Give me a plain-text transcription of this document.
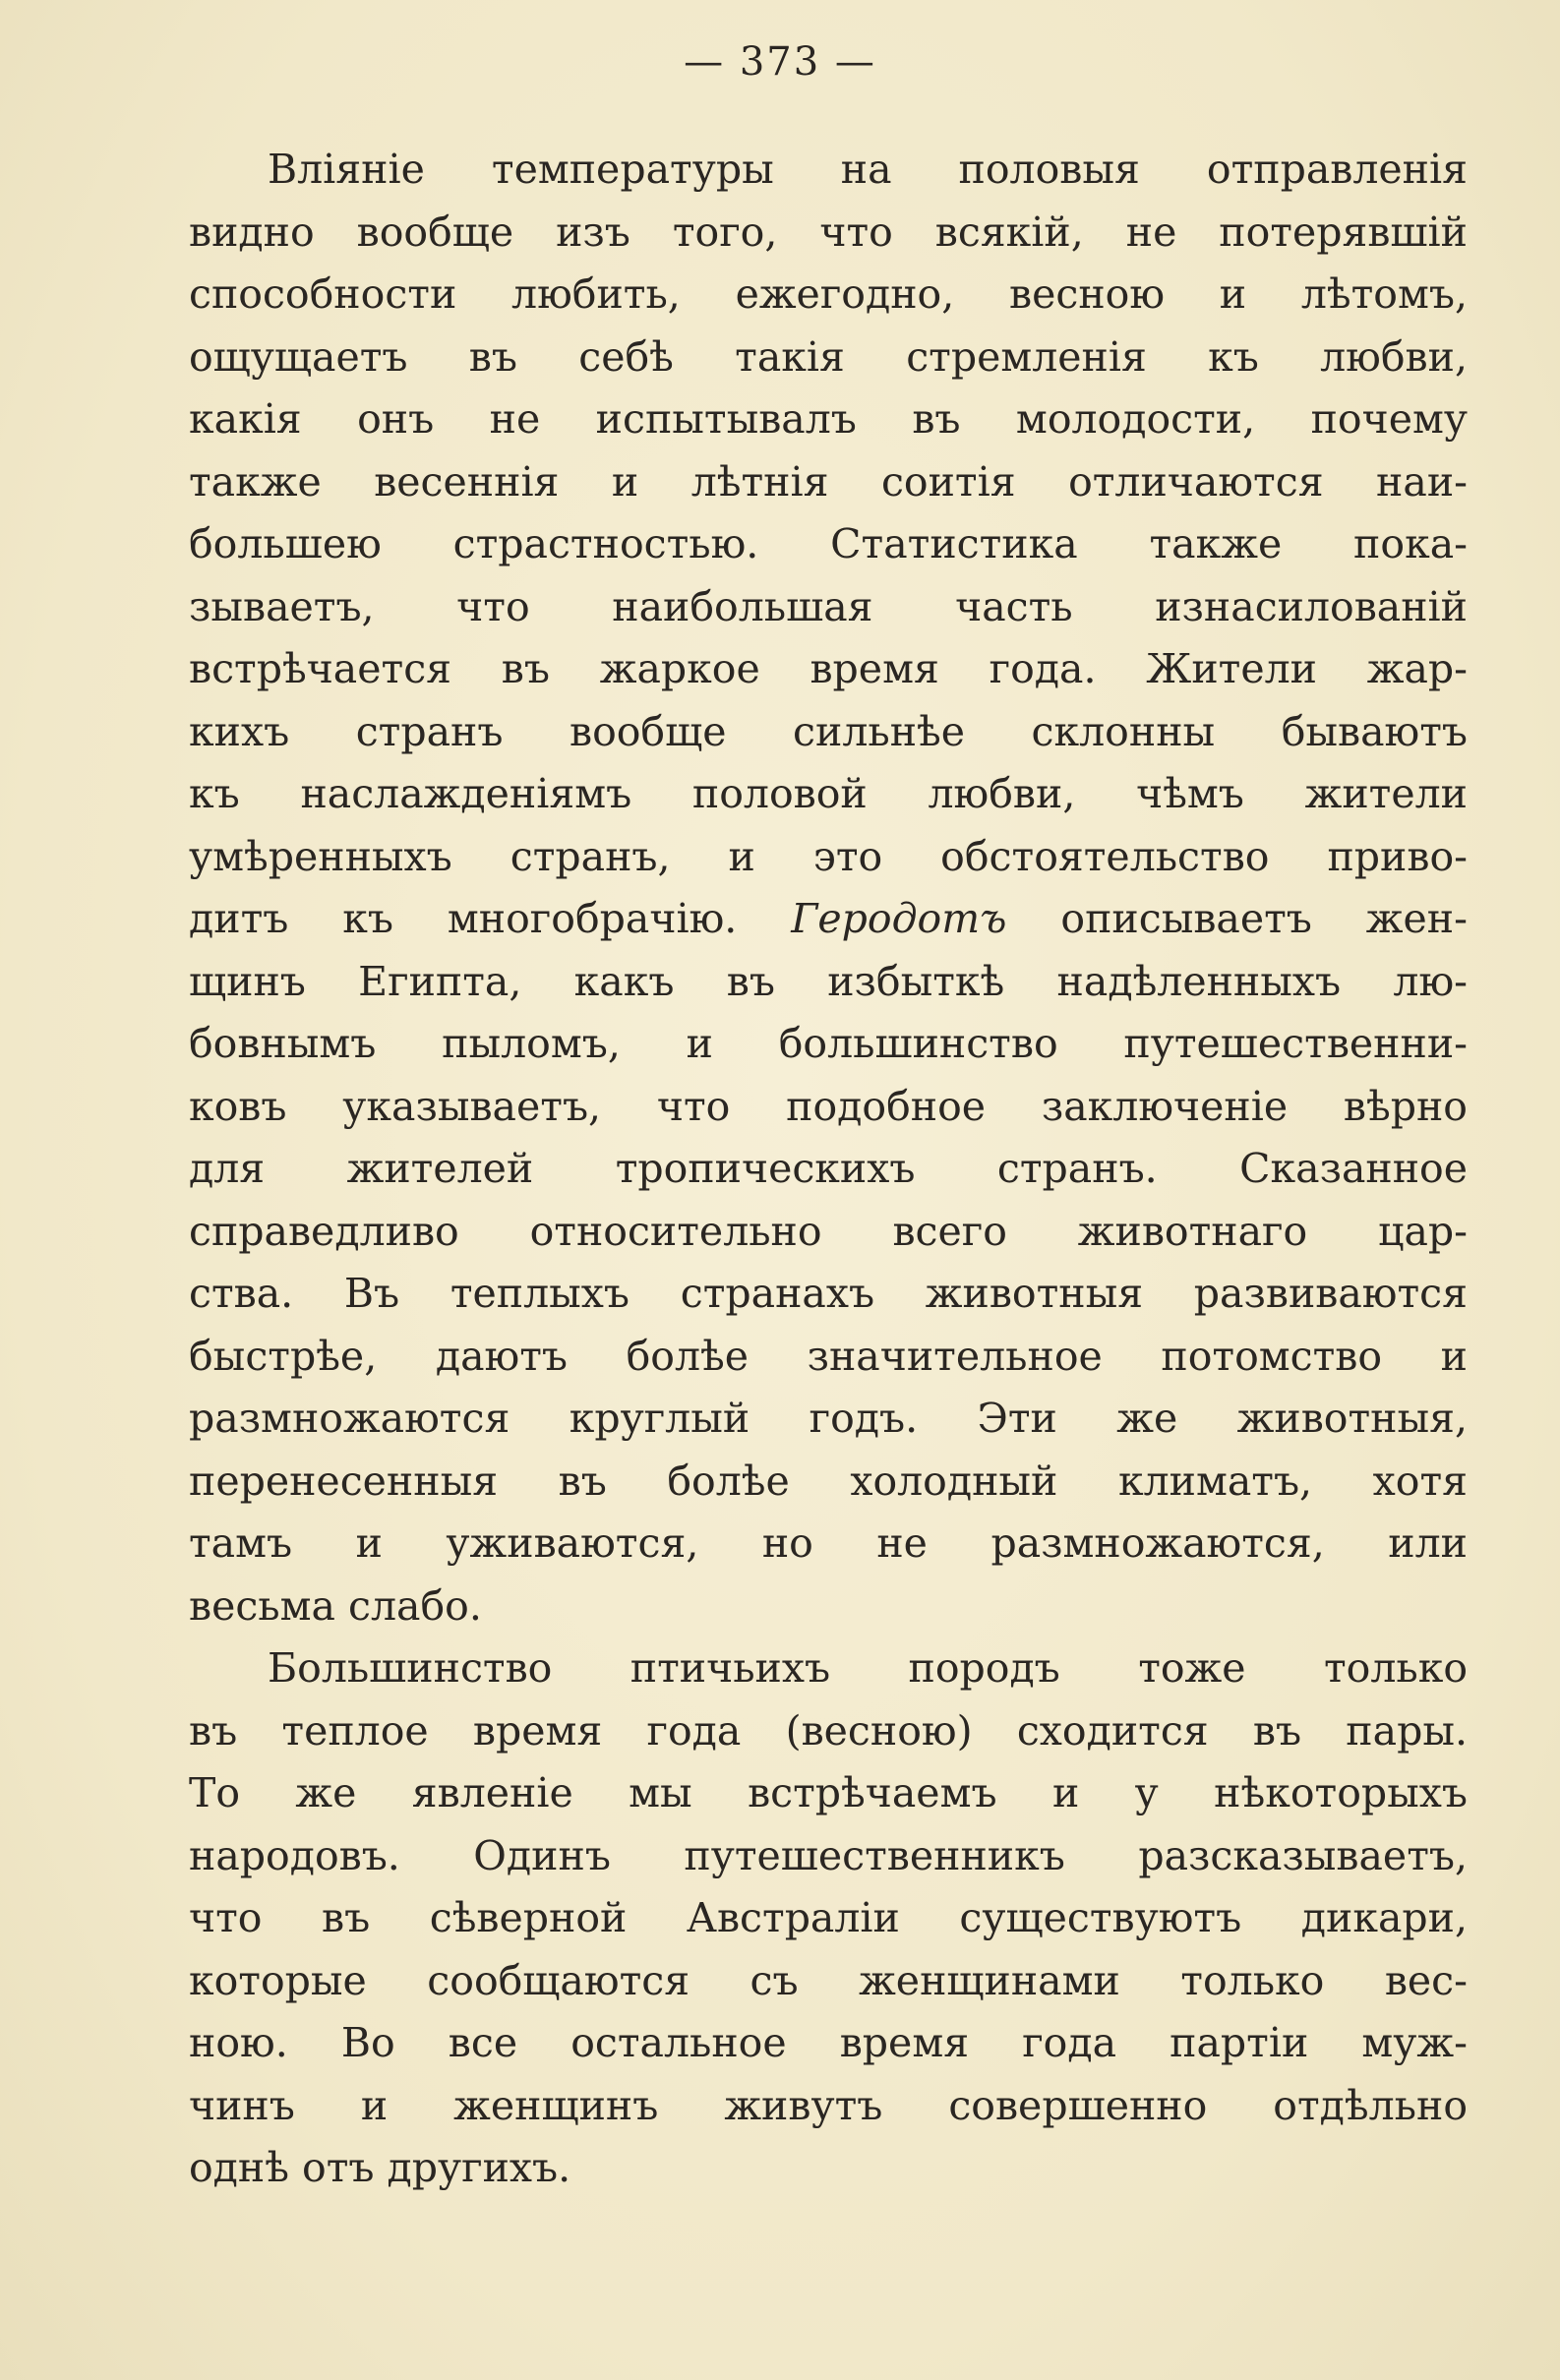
— 373 —
Вліяніе температуры на половыя отправленія
видно вообще изъ того, что всякій, не потерявшій
способности любить, ежегодно, весною и лѣтомъ,
ощущаетъ въ себѣ такія стремленія къ любви,
какія онъ не испытывалъ въ молодости, почему
также весеннія и лѣтнія соитія отличаются наи-
большею страстностью. Статистика также пока-
зываетъ, что наибольшая часть изнасилованій
встрѣчается въ жаркое время года. Жители жар-
кихъ странъ вообще сильнѣе склонны бываютъ
къ наслажденіямъ половой любви, чѣмъ жители
умѣренныхъ странъ, и это обстоятельство приво-
дитъ къ многобрачію. Геродотъ описываетъ жен-
щинъ Египта, какъ въ избыткѣ надѣленныхъ лю-
бовнымъ пыломъ, и большинство путешественни-
ковъ указываетъ, что подобное заключеніе вѣрно
для жителей тропическихъ странъ. Сказанное
справедливо относительно всего животнаго цар-
ства. Въ теплыхъ странахъ животныя развиваются
быстрѣе, даютъ болѣе значительное потомство и
размножаются круглый годъ. Эти же животныя,
перенесенныя въ болѣе холодный климатъ, хотя
тамъ и уживаются, но не размножаются, или
весьма слабо.
Большинство птичьихъ породъ тоже только
въ теплое время года (весною) сходится въ пары.
То же явленіе мы встрѣчаемъ и у нѣкоторыхъ
народовъ. Одинъ путешественникъ разсказываетъ,
что въ сѣверной Австраліи существуютъ дикари,
которые сообщаются съ женщинами только вес-
ною. Во все остальное время года партіи муж-
чинъ и женщинъ живутъ совершенно отдѣльно
однѣ отъ другихъ.
